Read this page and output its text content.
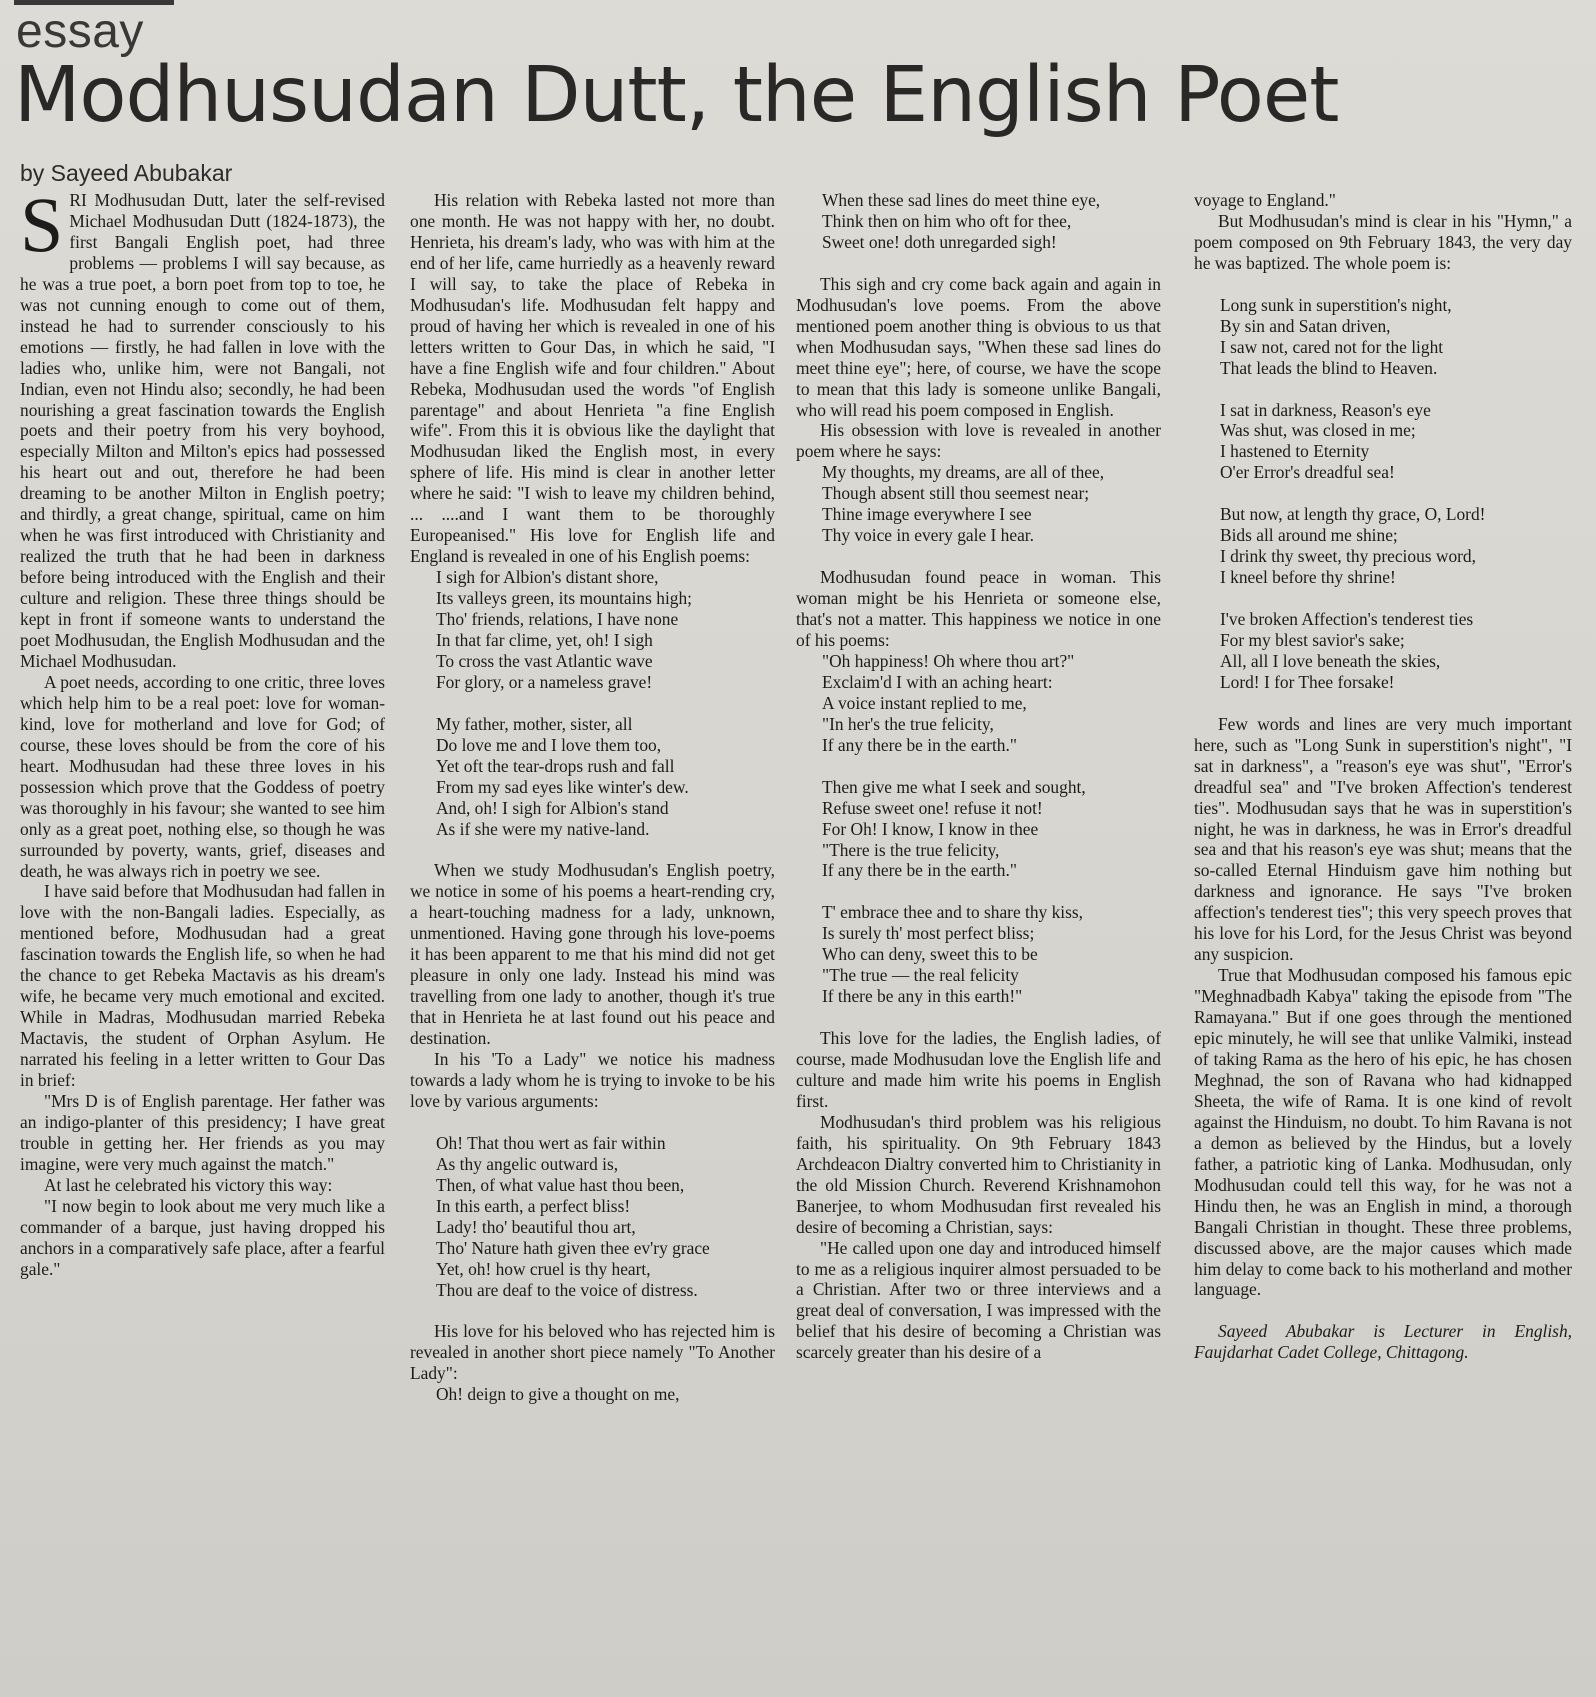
essay
Modhusudan Dutt, the English Poet
by Sayeed Abubakar

SRI Modhusudan Dutt, later the self-revised Michael Modhusudan Dutt (1824-1873), the first Bangali English poet, had three problems — problems I will say because, as he was a true poet, a born poet from top to toe, he was not cunning enough to come out of them, instead he had to surrender consciously to his emotions — firstly, he had fallen in love with the ladies who, unlike him, were not Bangali, not Indian, even not Hindu also; secondly, he had been nourishing a great fascination towards the English poets and their poetry from his very boyhood, especially Milton and Milton's epics had possessed his heart out and out, therefore he had been dreaming to be another Milton in English poetry; and thirdly, a great change, spiritual, came on him when he was first introduced with Christianity and realized the truth that he had been in darkness before being introduced with the English and their culture and religion. These three things should be kept in front if someone wants to understand the poet Modhusudan, the English Modhusudan and the Michael Modhusudan.

A poet needs, according to one critic, three loves which help him to be a real poet: love for woman-kind, love for motherland and love for God; of course, these loves should be from the core of his heart. Modhusudan had these three loves in his possession which prove that the Goddess of poetry was thoroughly in his favour; she wanted to see him only as a great poet, nothing else, so though he was surrounded by poverty, wants, grief, diseases and death, he was always rich in poetry we see.

I have said before that Modhusudan had fallen in love with the non-Bangali ladies. Especially, as mentioned before, Modhusudan had a great fascination towards the English life, so when he had the chance to get Rebeka Mactavis as his dream's wife, he became very much emotional and excited. While in Madras, Modhusudan married Rebeka Mactavis, the student of Orphan Asylum. He narrated his feeling in a letter written to Gour Das in brief:

"Mrs D is of English parentage. Her father was an indigo-planter of this presidency; I have great trouble in getting her. Her friends as you may imagine, were very much against the match."

At last he celebrated his victory this way:

"I now begin to look about me very much like a commander of a barque, just having dropped his anchors in a comparatively safe place, after a fearful gale."

His relation with Rebeka lasted not more than one month. He was not happy with her, no doubt. Henrieta, his dream's lady, who was with him at the end of her life, came hurriedly as a heavenly reward I will say, to take the place of Rebeka in Modhusudan's life. Modhusudan felt happy and proud of having her which is revealed in one of his letters written to Gour Das, in which he said, "I have a fine English wife and four children." About Rebeka, Modhusudan used the words "of English parentage" and about Henrieta "a fine English wife". From this it is obvious like the daylight that Modhusudan liked the English most, in every sphere of life. His mind is clear in another letter where he said: "I wish to leave my children behind, ... ....and I want them to be thoroughly Europeanised." His love for English life and England is revealed in one of his English poems:

I sigh for Albion's distant shore,
Its valleys green, its mountains high;
Tho' friends, relations, I have none
In that far clime, yet, oh! I sigh
To cross the vast Atlantic wave
For glory, or a nameless grave!
My father, mother, sister, all
Do love me and I love them too,
Yet oft the tear-drops rush and fall
From my sad eyes like winter's dew.
And, oh! I sigh for Albion's stand
As if she were my native-land.

When we study Modhusudan's English poetry, we notice in some of his poems a heart-rending cry, a heart-touching madness for a lady, unknown, unmentioned. Having gone through his love-poems it has been apparent to me that his mind did not get pleasure in only one lady. Instead his mind was travelling from one lady to another, though it's true that in Henrieta he at last found out his peace and destination.

In his 'To a Lady" we notice his madness towards a lady whom he is trying to invoke to be his love by various arguments:

Oh! That thou wert as fair within
As thy angelic outward is,
Then, of what value hast thou been,
In this earth, a perfect bliss!
Lady! tho' beautiful thou art,
Tho' Nature hath given thee ev'ry grace
Yet, oh! how cruel is thy heart,
Thou are deaf to the voice of distress.

His love for his beloved who has rejected him is revealed in another short piece namely "To Another Lady":

Oh! deign to give a thought on me,
When these sad lines do meet thine eye,
Think then on him who oft for thee,
Sweet one! doth unregarded sigh!

This sigh and cry come back again and again in Modhusudan's love poems. From the above mentioned poem another thing is obvious to us that when Modhusudan says, "When these sad lines do meet thine eye"; here, of course, we have the scope to mean that this lady is someone unlike Bangali, who will read his poem composed in English.

His obsession with love is revealed in another poem where he says:

My thoughts, my dreams, are all of thee,
Though absent still thou seemest near;
Thine image everywhere I see
Thy voice in every gale I hear.

Modhusudan found peace in woman. This woman might be his Henrieta or someone else, that's not a matter. This happiness we notice in one of his poems:

"Oh happiness! Oh where thou art?"
Exclaim'd I with an aching heart:
A voice instant replied to me,
"In her's the true felicity,
If any there be in the earth."
Then give me what I seek and sought,
Refuse sweet one! refuse it not!
For Oh! I know, I know in thee
"There is the true felicity,
If any there be in the earth."
T' embrace thee and to share thy kiss,
Is surely th' most perfect bliss;
Who can deny, sweet this to be
"The true — the real felicity
If there be any in this earth!"

This love for the ladies, the English ladies, of course, made Modhusudan love the English life and culture and made him write his poems in English first.

Modhusudan's third problem was his religious faith, his spirituality. On 9th February 1843 Archdeacon Dialtry converted him to Christianity in the old Mission Church. Reverend Krishnamohon Banerjee, to whom Modhusudan first revealed his desire of becoming a Christian, says:

"He called upon one day and introduced himself to me as a religious inquirer almost persuaded to be a Christian. After two or three interviews and a great deal of conversation, I was impressed with the belief that his desire of becoming a Christian was scarcely greater than his desire of a

voyage to England."

But Modhusudan's mind is clear in his "Hymn," a poem composed on 9th February 1843, the very day he was baptized. The whole poem is:

Long sunk in superstition's night,
By sin and Satan driven,
I saw not, cared not for the light
That leads the blind to Heaven.
I sat in darkness, Reason's eye
Was shut, was closed in me;
I hastened to Eternity
O'er Error's dreadful sea!
But now, at length thy grace, O, Lord!
Bids all around me shine;
I drink thy sweet, thy precious word,
I kneel before thy shrine!
I've broken Affection's tenderest ties
For my blest savior's sake;
All, all I love beneath the skies,
Lord! I for Thee forsake!

Few words and lines are very much important here, such as "Long Sunk in superstition's night", "I sat in darkness", a "reason's eye was shut", "Error's dreadful sea" and "I've broken Affection's tenderest ties". Modhusudan says that he was in superstition's night, he was in darkness, he was in Error's dreadful sea and that his reason's eye was shut; means that the so-called Eternal Hinduism gave him nothing but darkness and ignorance. He says "I've broken affection's tenderest ties"; this very speech proves that his love for his Lord, for the Jesus Christ was beyond any suspicion.

True that Modhusudan composed his famous epic "Meghnadbadh Kabya" taking the episode from "The Ramayana." But if one goes through the mentioned epic minutely, he will see that unlike Valmiki, instead of taking Rama as the hero of his epic, he has chosen Meghnad, the son of Ravana who had kidnapped Sheeta, the wife of Rama. It is one kind of revolt against the Hinduism, no doubt. To him Ravana is not a demon as believed by the Hindus, but a lovely father, a patriotic king of Lanka. Modhusudan, only Modhusudan could tell this way, for he was not a Hindu then, he was an English in mind, a thorough Bangali Christian in thought. These three problems, discussed above, are the major causes which made him delay to come back to his motherland and mother language.

Sayeed Abubakar is Lecturer in English, Faujdarhat Cadet College, Chittagong.
